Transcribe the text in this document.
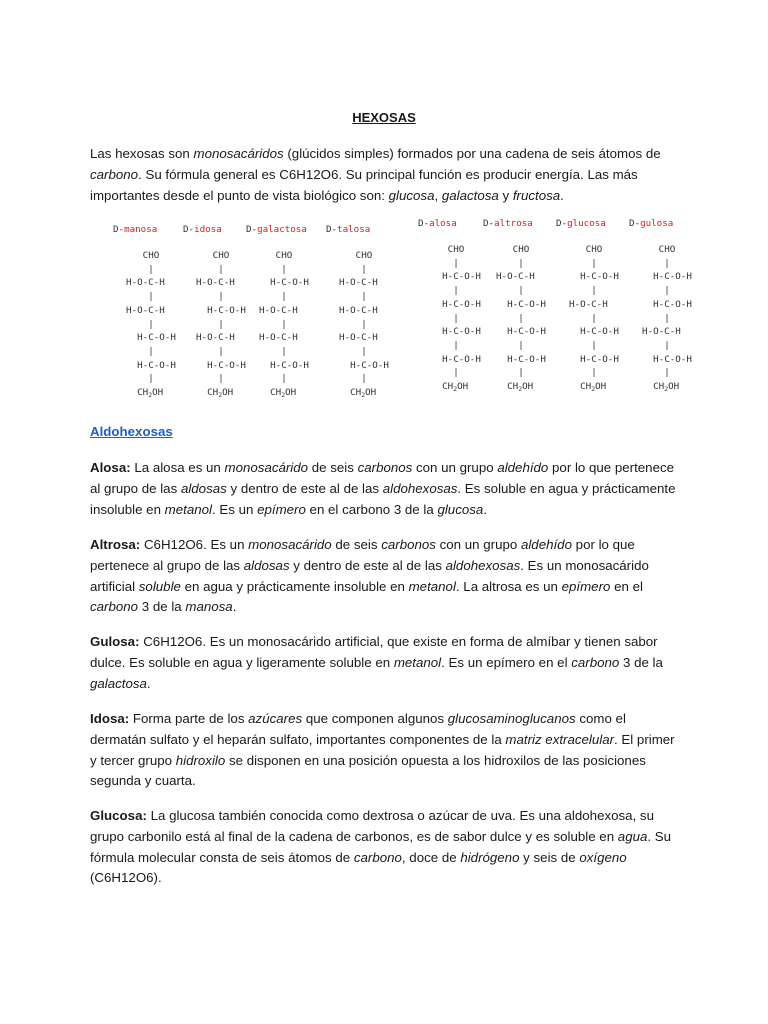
HEXOSAS

Las hexosas son monosacáridos (glúcidos simples) formados por una cadena de seis átomos de carbono. Su fórmula general es C6H12O6. Su principal función es producir energía. Las más importantes desde el punto de vista biológico son: glucosa, galactosa y fructosa.

Aldohexosas

Alosa: La alosa es un monosacárido de seis carbonos con un grupo aldehído por lo que pertenece al grupo de las aldosas y dentro de este al de las aldohexosas. Es soluble en agua y prácticamente insoluble en metanol. Es un epímero en el carbono 3 de la glucosa.

Altrosa: C6H12O6. Es un monosacárido de seis carbonos con un grupo aldehído por lo que pertenece al grupo de las aldosas y dentro de este al de las aldohexosas. Es un monosacárido artificial soluble en agua y prácticamente insoluble en metanol. La altrosa es un epímero en el carbono 3 de la manosa.

Gulosa: C6H12O6. Es un monosacárido artificial, que existe en forma de almíbar y tienen sabor dulce. Es soluble en agua y ligeramente soluble en metanol. Es un epímero en el carbono 3 de la galactosa.

Idosa: Forma parte de los azúcares que componen algunos glucosaminoglucanos como el dermatán sulfato y el heparán sulfato, importantes componentes de la matriz extracelular. El primer y tercer grupo hidroxilo se disponen en una posición opuesta a los hidroxilos de las posiciones segunda y cuarta.

Glucosa: La glucosa también conocida como dextrosa o azúcar de uva. Es una aldohexosa, su grupo carbonilo está al final de la cadena de carbonos, es de sabor dulce y es soluble en agua. Su fórmula molecular consta de seis átomos de carbono, doce de hidrógeno y seis de oxígeno (C6H12O6).

D-manosa
CHO
|
H-O-C-H
|
H-O-C-H
|
H-C-O-H
|
H-C-O-H
|
$CH_2OH$
D-idosa
CHO
|
H-O-C-H
|
H-C-O-H
|
H-O-C-H
|
H-C-O-H
|
$CH_2OH$
D-galactosa
CHO
|
H-C-O-H
|
H-O-C-H
|
H-O-C-H
|
H-C-O-H
|
$CH_2OH$
D-talosa
CHO
|
H-O-C-H
|
H-O-C-H
|
H-O-C-H
|
H-C-O-H
|
$CH_2OH$
D-alosa
CHO
|
H-C-O-H
|
H-C-O-H
|
H-C-O-H
|
H-C-O-H
|
$CH_2OH$
D-altrosa
CHO
|
H-O-C-H
|
H-C-O-H
|
H-C-O-H
|
H-C-O-H
|
$CH_2OH$
D-glucosa
CHO
|
H-C-O-H
|
H-O-C-H
|
H-C-O-H
|
H-C-O-H
|
$CH_2OH$
D-gulosa
CHO
|
H-C-O-H
|
H-C-O-H
|
H-O-C-H
|
H-C-O-H
|
$CH_2OH$
